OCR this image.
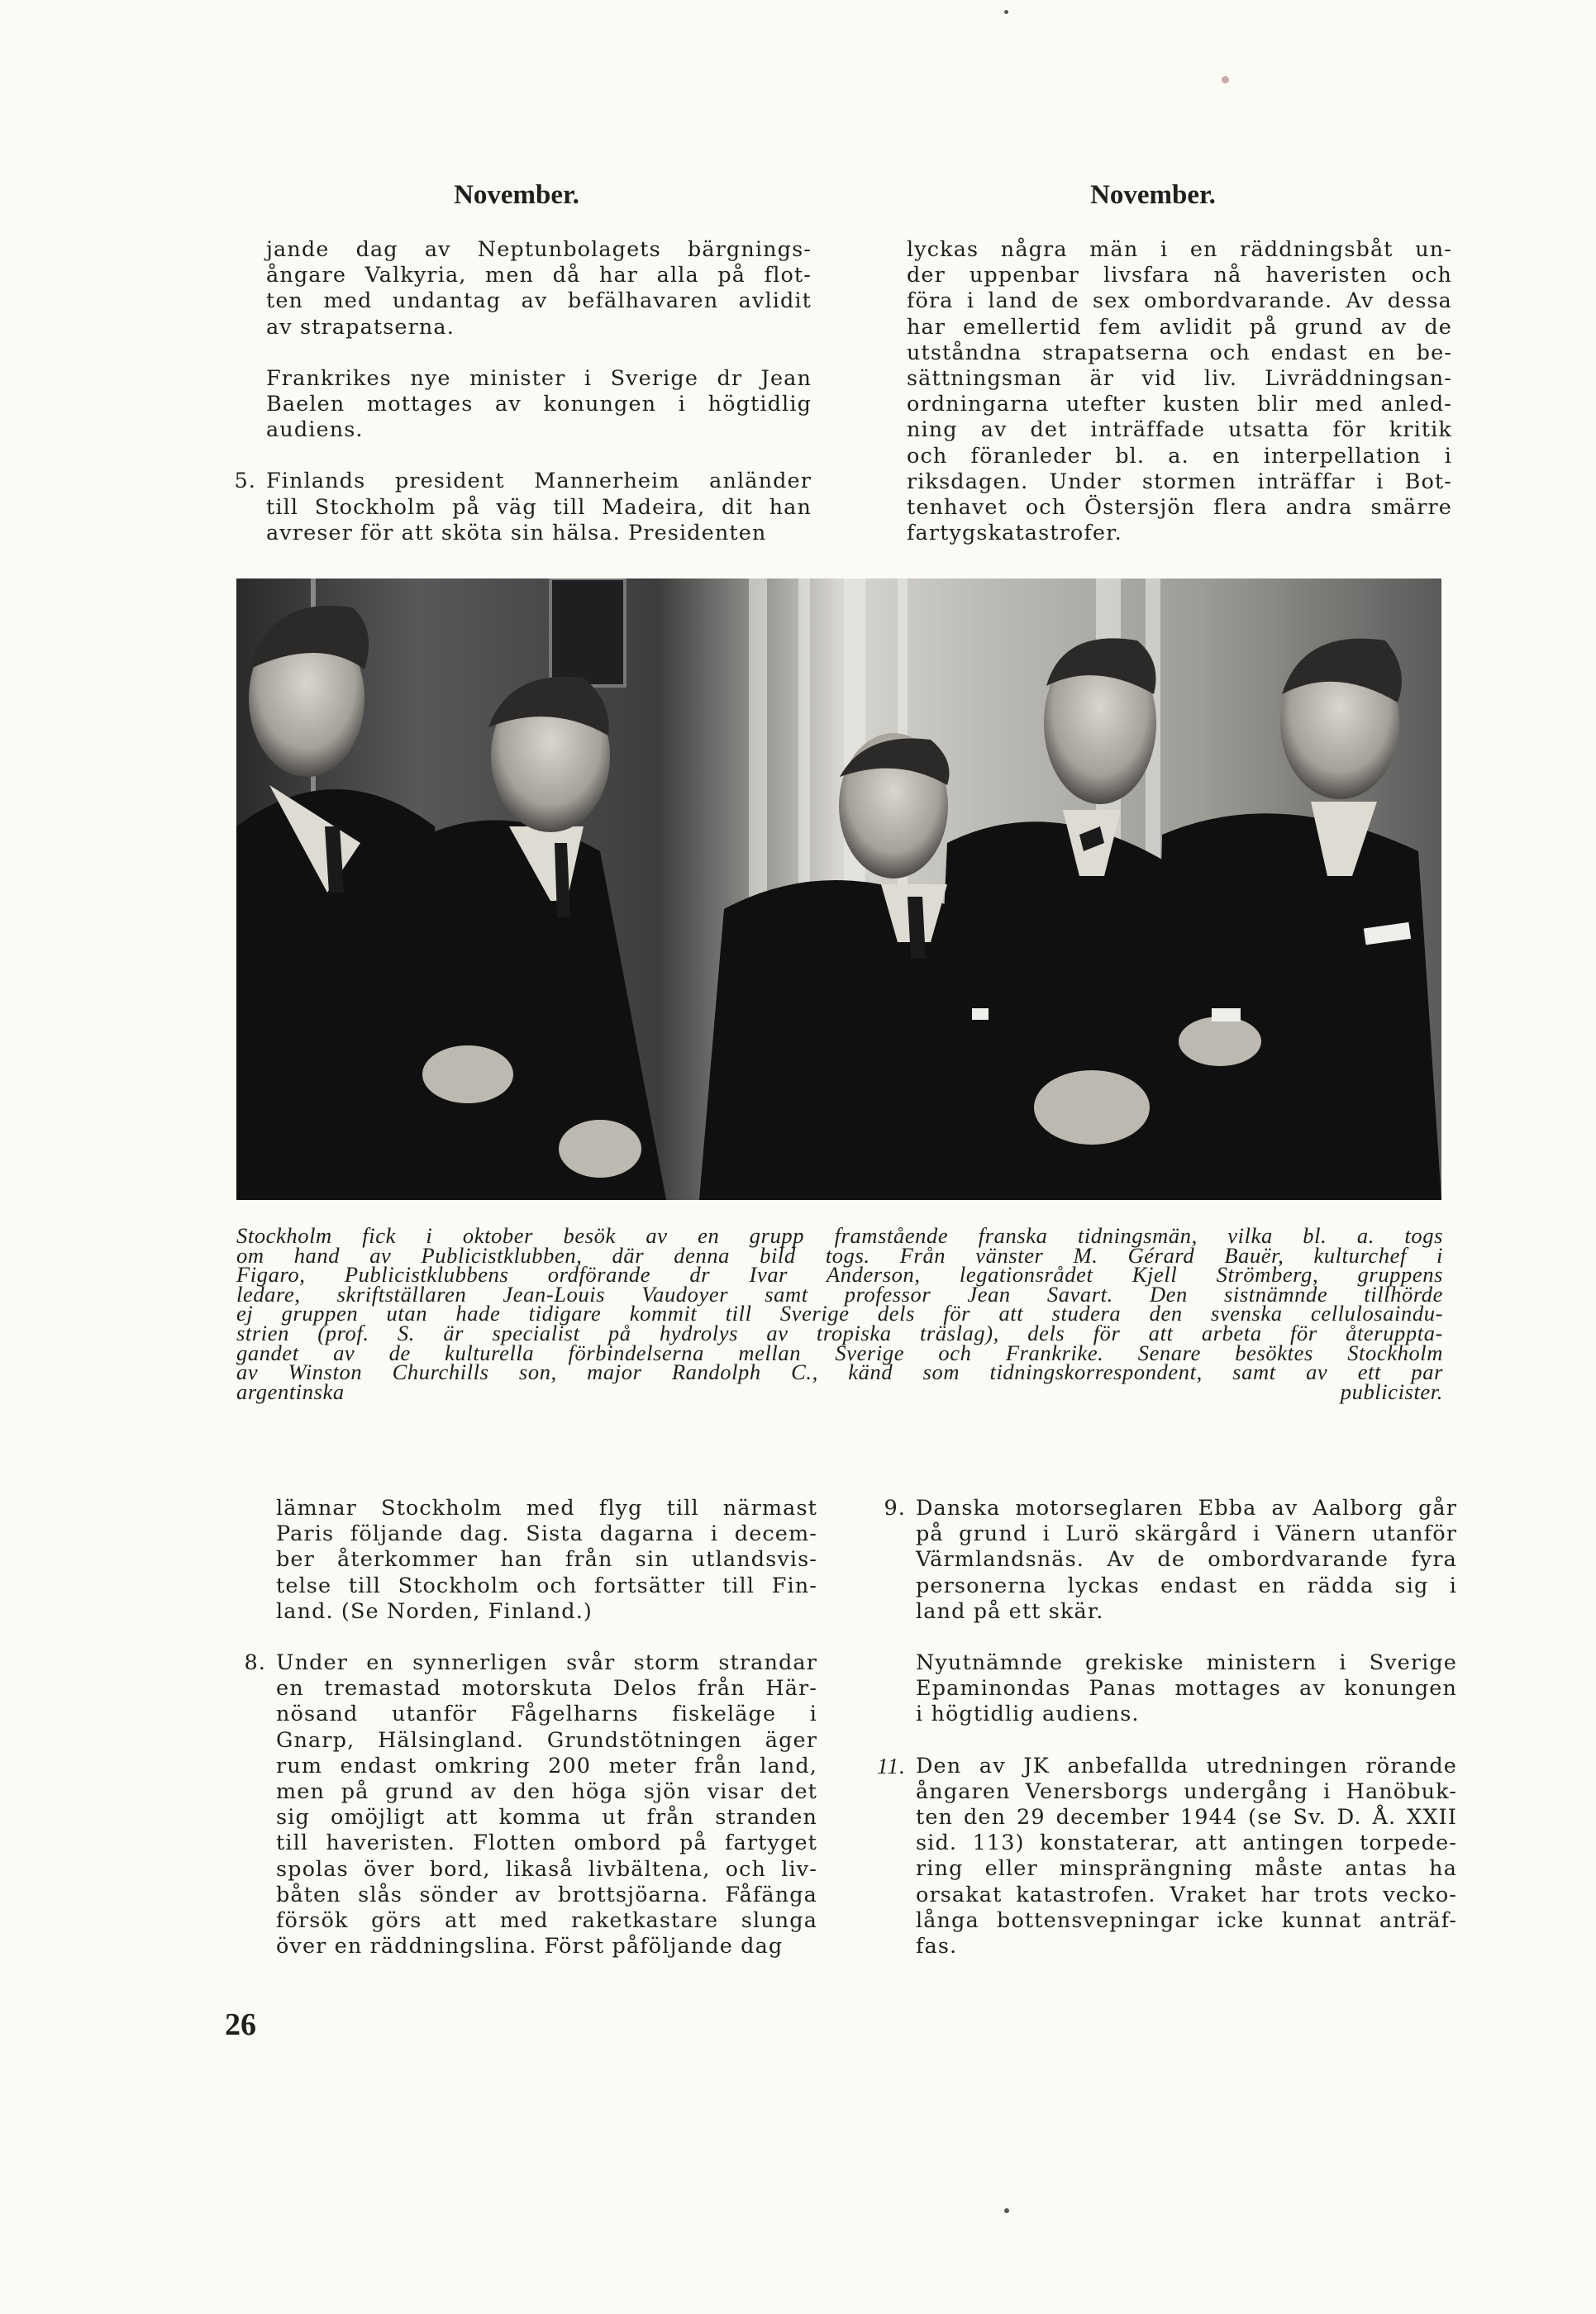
November.	November.

jande dag av Neptunbolagets bärgnings-

ångare Valkyria, men då har alla på flot-

ten med undantag av befälhavaren avlidit

av strapatserna.

Frankrikes nye minister i Sverige dr Jean

Baelen mottages av konungen i högtidlig

audiens.

5. Finlands president Mannerheim anländer

till Stockholm på väg till Madeira, dit han

avreser för att sköta sin hälsa. Presidenten

lyckas några män i en räddningsbåt un-

der uppenbar livsfara nå haveristen och

föra i land de sex ombordvarande. Av dessa

har emellertid fem avlidit på grund av de

utståndna strapatserna och endast en be-

sättningsman är vid liv. Livräddningsan-

ordningarna utefter kusten blir med anled-

ning av det inträffade utsatta för kritik

och föranleder bl. a. en interpellation i

riksdagen. Under stormen inträffar i Bot-

tenhavet och Östersjön flera andra smärre

fartygskatastrofer.

Stockholm fick i oktober besök av en grupp framstående franska tidningsmän, vilka bl. a. togs
om hand av Publicistklubben, där denna bild togs. Från vänster M. Gérard Bauër, kulturchef i
Figaro, Publicistklubbens ordförande dr Ivar Anderson, legationsrådet Kjell Strömberg, gruppens
ledare, skriftställaren Jean-Louis Vaudoyer samt professor Jean Savart. Den sistnämnde tillhörde
ej gruppen utan hade tidigare kommit till Sverige dels för att studera den svenska cellulosaindu-
strien (prof. S. är specialist på hydrolys av tropiska träslag), dels för att arbeta för återuppta-
gandet av de kulturella förbindelserna mellan Sverige och Frankrike. Senare besöktes Stockholm
av Winston Churchills son, major Randolph C., känd som tidningskorrespondent, samt av ett par
argentinska publicister.

lämnar Stockholm med flyg till närmast

Paris följande dag. Sista dagarna i decem-

ber återkommer han från sin utlandsvis-

telse till Stockholm och fortsätter till Fin-

land. (Se Norden, Finland.)

8. Under en synnerligen svår storm strandar

en tremastad motorskuta Delos från Här-

nösand utanför Fågelharns fiskeläge i

Gnarp, Hälsingland. Grundstötningen äger

rum endast omkring 200 meter från land,

men på grund av den höga sjön visar det

sig omöjligt att komma ut från stranden

till haveristen. Flotten ombord på fartyget

spolas över bord, likaså livbältena, och liv-

båten slås sönder av brottsjöarna. Fåfänga

försök görs att med raketkastare slunga

över en räddningslina. Först påföljande dag

9. Danska motorseglaren Ebba av Aalborg går

på grund i Lurö skärgård i Vänern utanför

Värmlandsnäs. Av de ombordvarande fyra

personerna lyckas endast en rädda sig i

land på ett skär.

Nyutnämnde grekiske ministern i Sverige

Epaminondas Panas mottages av konungen

i högtidlig audiens.

11. Den av JK anbefallda utredningen rörande

ångaren Venersborgs undergång i Hanöbuk-

ten den 29 december 1944 (se Sv. D. Å. XXII

sid. 113) konstaterar, att antingen torpede-

ring eller minsprängning måste antas ha

orsakat katastrofen. Vraket har trots vecko-

långa bottensvepningar icke kunnat anträf-

fas.

26
